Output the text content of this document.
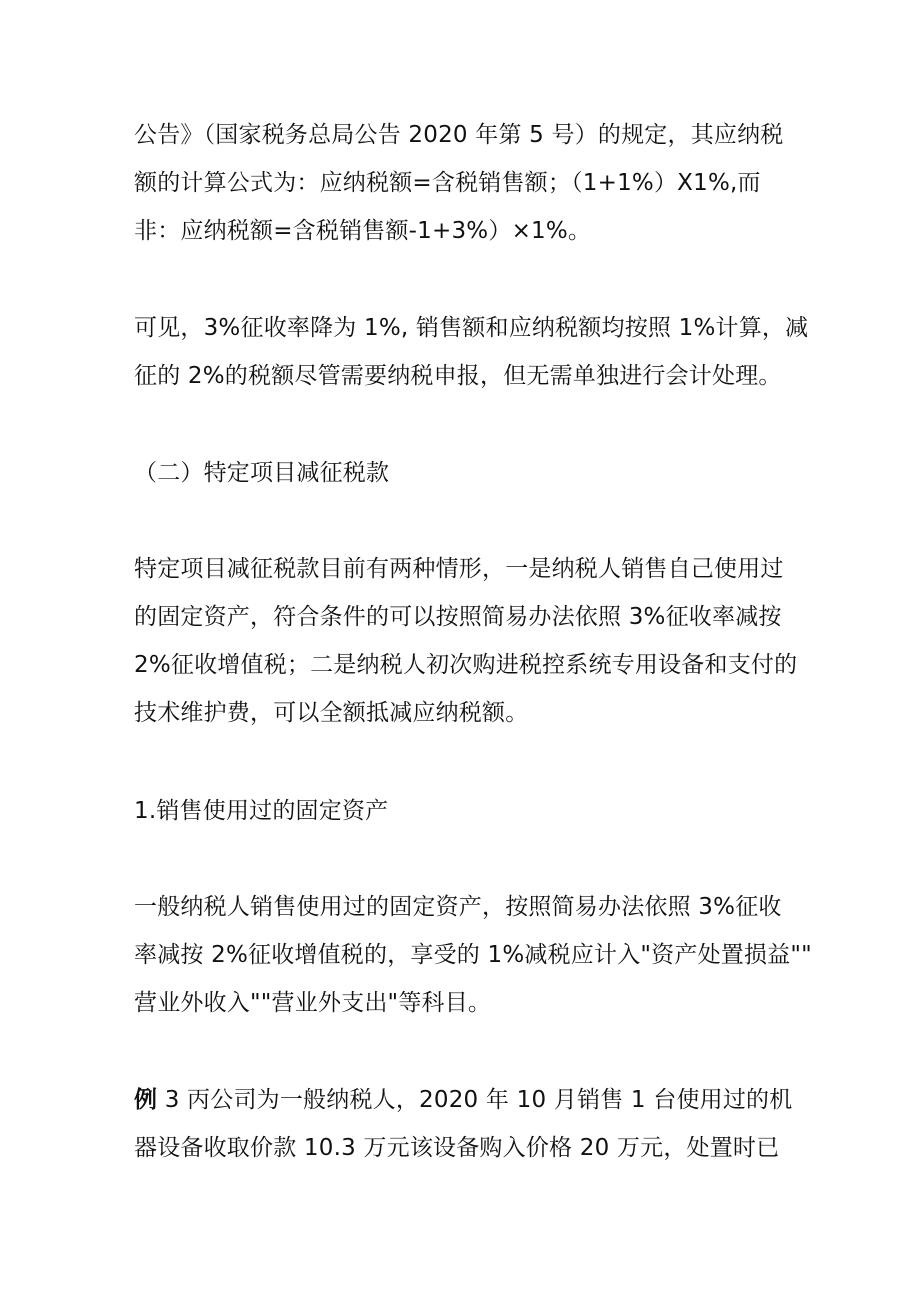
公告》（国家税务总局公告 2020 年第 5 号）的规定，其应纳税
额的计算公式为：应纳税额=含税销售额；（1+1%）X1%,而
非：应纳税额=含税销售额-1+3%）×1%。
可见，3%征收率降为 1%, 销售额和应纳税额均按照 1%计算，减
征的 2%的税额尽管需要纳税申报，但无需单独进行会计处理。
（二）特定项目减征税款
特定项目减征税款目前有两种情形，一是纳税人销售自己使用过
的固定资产，符合条件的可以按照简易办法依照 3%征收率减按
2%征收增值税；二是纳税人初次购进税控系统专用设备和支付的
技术维护费，可以全额抵减应纳税额。
1.销售使用过的固定资产
一般纳税人销售使用过的固定资产，按照简易办法依照 3%征收
率减按 2%征收增值税的，享受的 1%减税应计入"资产处置损益""
营业外收入""营业外支出"等科目。
例 3 丙公司为一般纳税人，2020 年 10 月销售 1 台使用过的机
器设备收取价款 10.3 万元该设备购入价格 20 万元，处置时已
